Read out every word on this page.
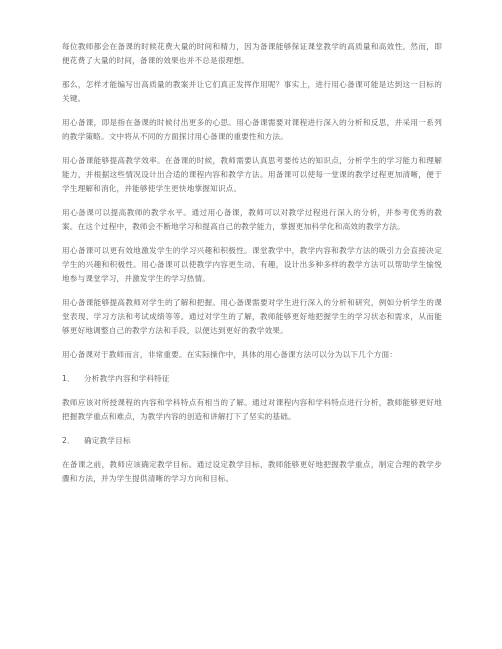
每位教师都会在备课的时候花费大量的时间和精力，因为备课能够保证课堂教学的高质量和高效性。然而，即便花费了大量的时间，备课的效果也并不总是很理想。

那么，怎样才能编写出高质量的教案并让它们真正发挥作用呢？事实上，进行用心备课可能是达到这一目标的关键。

用心备课，即是指在备课的时候付出更多的心思。用心备课需要对课程进行深入的分析和反思，并采用一系列的教学策略。文中将从不同的方面探讨用心备课的重要性和方法。

用心备课能够提高教学效率。在备课的时候，教师需要认真思考要传达的知识点，分析学生的学习能力和理解能力，并根据这些情况设计出合适的课程内容和教学方法。用备课可以使每一堂课的教学过程更加清晰，便于学生理解和消化，并能够使学生更快地掌握知识点。

用心备课可以提高教师的教学水平。通过用心备课，教师可以对教学过程进行深入的分析，并参考优秀的教案。在这个过程中，教师会不断地学习和提高自己的教学能力，掌握更加科学化和高效的教学方法。

用心备课可以更有效地激发学生的学习兴趣和积极性。课堂教学中，教学内容和教学方法的吸引力会直接决定学生的兴趣和积极性。用心备课可以使教学内容更生动、有趣，设计出多种多样的教学方法可以帮助学生愉悦地参与课堂学习，并激发学生的学习热情。

用心备课能够提高教师对学生的了解和把握。用心备课需要对学生进行深入的分析和研究，例如分析学生的课堂表现、学习方法和考试成绩等等。通过对学生的了解，教师能够更好地把握学生的学习状态和需求，从而能够更好地调整自己的教学方法和手段，以便达到更好的教学效果。

用心备课对于教师而言，非常重要。在实际操作中，具体的用心备课方法可以分为以下几个方面：

1． 分析教学内容和学科特征

教师应该对所授课程的内容和学科特点有相当的了解。通过对课程内容和学科特点进行分析，教师能够更好地把握教学重点和难点，为教学内容的创造和讲解打下了坚实的基础。

2． 确定教学目标

在备课之前，教师应该确定教学目标。通过设定教学目标，教师能够更好地把握教学重点，制定合理的教学步骤和方法，并为学生提供清晰的学习方向和目标。
